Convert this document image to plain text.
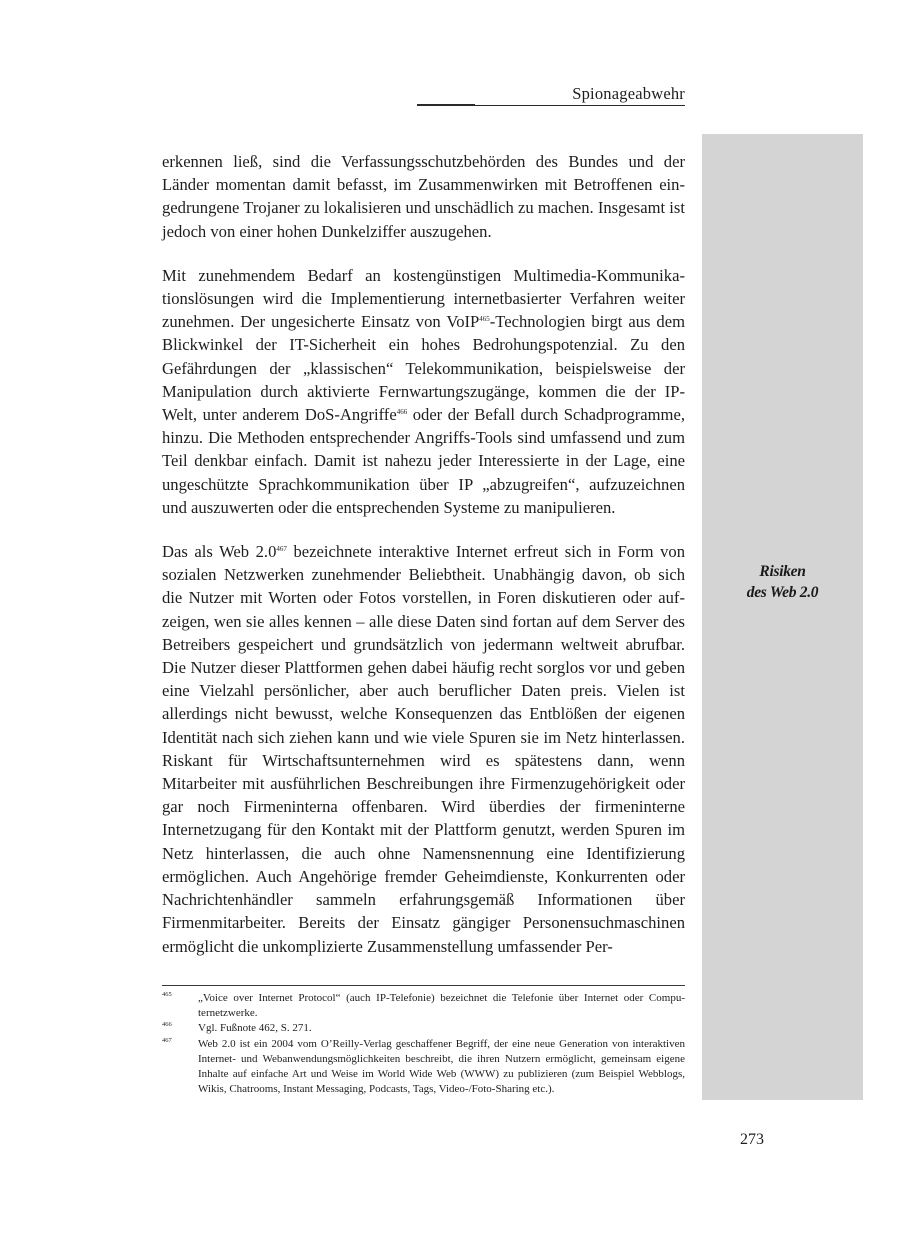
Spionageabwehr
Risiken
des Web 2.0

erkennen ließ, sind die Verfassungsschutzbehörden des Bundes und der Länder momentan damit befasst, im Zusammenwirken mit Betroffenen eingedrungene Trojaner zu lokalisieren und unschädlich zu machen. Insgesamt ist jedoch von einer hohen Dunkelziffer auszugehen.

Mit zunehmendem Bedarf an kostengünstigen Multimedia-Kommunikationslösungen wird die Implementierung internetbasierter Verfahren weiter zunehmen. Der ungesicherte Einsatz von VoIP$^{465}$-Technologien birgt aus dem Blickwinkel der IT-Sicherheit ein hohes Bedrohungspotenzial. Zu den Gefährdungen der „klassischen“ Telekommunikation, beispielsweise der Manipulation durch aktivierte Fernwartungszugänge, kommen die der IP-Welt, unter anderem DoS-Angriffe$^{466}$ oder der Befall durch Schadprogramme, hinzu. Die Methoden entsprechender Angriffs-Tools sind umfassend und zum Teil denkbar einfach. Damit ist nahezu jeder Interessierte in der Lage, eine ungeschützte Sprachkommunikation über IP „abzugreifen“, aufzuzeichnen und auszuwerten oder die entsprechenden Systeme zu manipulieren.

Das als Web $2.0^{467}$ bezeichnete interaktive Internet erfreut sich in Form von sozialen Netzwerken zunehmender Beliebtheit. Unabhängig davon, ob sich die Nutzer mit Worten oder Fotos vorstellen, in Foren diskutieren oder aufzeigen, wen sie alles kennen – alle diese Daten sind fortan auf dem Server des Betreibers gespeichert und grundsätzlich von jedermann weltweit abrufbar. Die Nutzer dieser Plattformen gehen dabei häufig recht sorglos vor und geben eine Vielzahl persönlicher, aber auch beruflicher Daten preis. Vielen ist allerdings nicht bewusst, welche Konsequenzen das Entblößen der eigenen Identität nach sich ziehen kann und wie viele Spuren sie im Netz hinterlassen. Riskant für Wirtschaftsunternehmen wird es spätestens dann, wenn Mitarbeiter mit ausführlichen Beschreibungen ihre Firmenzugehörigkeit oder gar noch Firmeninterna offenbaren. Wird überdies der firmeninterne Internetzugang für den Kontakt mit der Plattform genutzt, werden Spuren im Netz hinterlassen, die auch ohne Namensnennung eine Identifizierung ermöglichen. Auch Angehörige fremder Geheimdienste, Konkurrenten oder Nachrichtenhändler sammeln erfahrungsgemäß Informationen über Firmenmitarbeiter. Bereits der Einsatz gängiger Personensuchmaschinen ermöglicht die unkomplizierte Zusammenstellung umfassender Per-

465 „Voice over Internet Protocol“ (auch IP-Telefonie) bezeichnet die Telefonie über Internet oder Computernetzwerke.

466 Vgl. Fußnote 462, S. 271.

467 Web 2.0 ist ein 2004 vom O’Reilly-Verlag geschaffener Begriff, der eine neue Generation von interaktiven Internet- und Webanwendungsmöglichkeiten beschreibt, die ihren Nutzern ermöglicht, gemeinsam eigene Inhalte auf einfache Art und Weise im World Wide Web (WWW) zu publizieren (zum Beispiel Webblogs, Wikis, Chatrooms, Instant Messaging, Podcasts, Tags, Video-/Foto-Sharing etc.).

273
